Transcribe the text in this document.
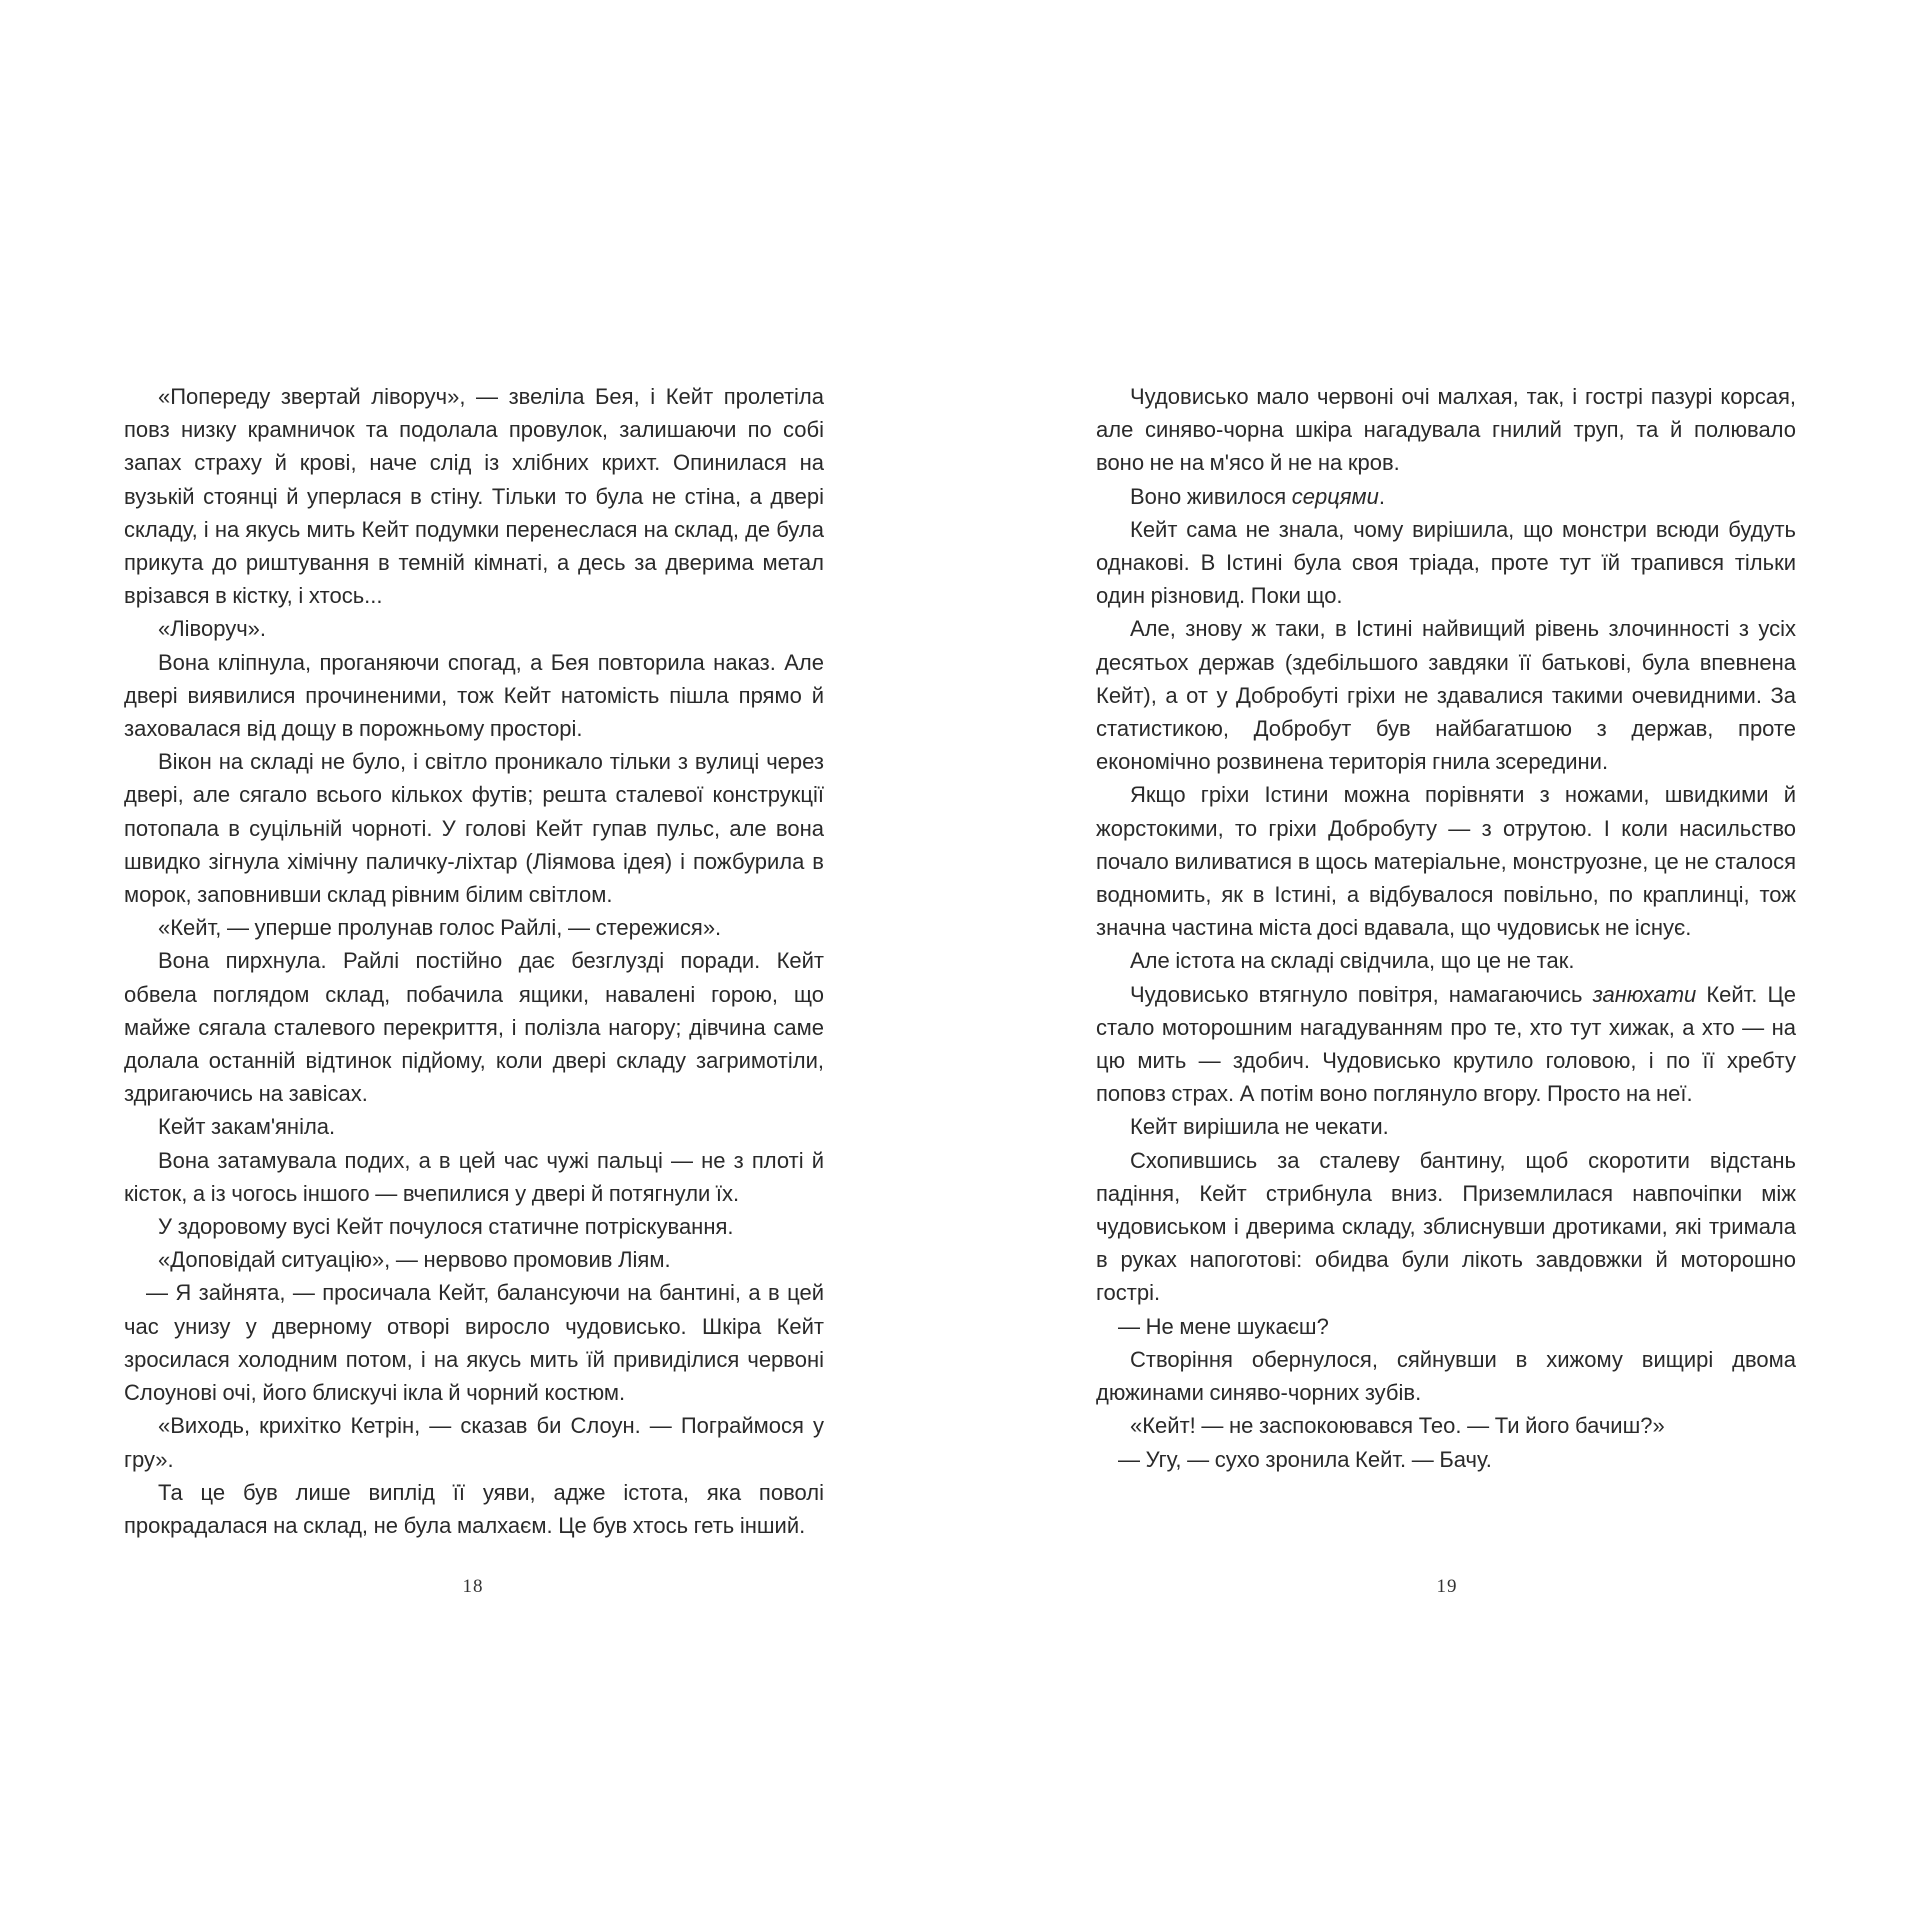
«Попереду звертай ліворуч», — звеліла Бея, і Кейт пролетіла повз низку крамничок та подолала провулок, залишаючи по собі запах страху й крові, наче слід із хлібних крихт. Опинилася на вузькій стоянці й уперлася в стіну. Тільки то була не стіна, а двері складу, і на якусь мить Кейт подумки перенеслася на склад, де була прикута до риштування в темній кімнаті, а десь за дверима метал врізався в кістку, і хтось...

«Ліворуч».

Вона кліпнула, проганяючи спогад, а Бея повторила наказ. Але двері виявилися прочиненими, тож Кейт натомість пішла прямо й заховалася від дощу в порожньому просторі.

Вікон на складі не було, і світло проникало тільки з вулиці через двері, але сягало всього кількох футів; решта сталевої конструкції потопала в суцільній чорноті. У голові Кейт гупав пульс, але вона швидко зігнула хімічну паличку-ліхтар (Ліямова ідея) і пожбурила в морок, заповнивши склад рівним білим світлом.

«Кейт, — уперше пролунав голос Райлі, — стережися».

Вона пирхнула. Райлі постійно дає безглузді поради. Кейт обвела поглядом склад, побачила ящики, навалені горою, що майже сягала сталевого перекриття, і полізла нагору; дівчина саме долала останній відтинок підйому, коли двері складу загримотіли, здригаючись на завісах.

Кейт закам'яніла.

Вона затамувала подих, а в цей час чужі пальці — не з плоті й кісток, а із чогось іншого — вчепилися у двері й потягнули їх.

У здоровому вусі Кейт почулося статичне потріскування.

«Доповідай ситуацію», — нервово промовив Ліям.

— Я зайнята, — просичала Кейт, балансуючи на бантині, а в цей час унизу у дверному отворі виросло чудовисько. Шкіра Кейт зросилася холодним потом, і на якусь мить їй привиділися червоні Слоунові очі, його блискучі ікла й чорний костюм.

«Виходь, крихітко Кетрін, — сказав би Слоун. — Пограймося у гру».

Та це був лише виплід її уяви, адже істота, яка поволі прокрадалася на склад, не була малхаєм. Це був хтось геть інший.

18

Чудовисько мало червоні очі малхая, так, і гострі пазурі корсая, але синяво-чорна шкіра нагадувала гнилий труп, та й полювало воно не на м'ясо й не на кров.

Воно живилося серцями.

Кейт сама не знала, чому вирішила, що монстри всюди будуть однакові. В Істині була своя тріада, проте тут їй трапився тільки один різновид. Поки що.

Але, знову ж таки, в Істині найвищий рівень злочинності з усіх десятьох держав (здебільшого завдяки її батькові, була впевнена Кейт), а от у Добробуті гріхи не здавалися такими очевидними. За статистикою, Добробут був найбагатшою з держав, проте економічно розвинена територія гнила зсередини.

Якщо гріхи Істини можна порівняти з ножами, швидкими й жорстокими, то гріхи Добробуту — з отрутою. І коли насильство почало виливатися в щось матеріальне, монструозне, це не сталося водномить, як в Істині, а відбувалося повільно, по краплинці, тож значна частина міста досі вдавала, що чудовиськ не існує.

Але істота на складі свідчила, що це не так.

Чудовисько втягнуло повітря, намагаючись занюхати Кейт. Це стало моторошним нагадуванням про те, хто тут хижак, а хто — на цю мить — здобич. Чудовисько крутило головою, і по її хребту поповз страх. А потім воно поглянуло вгору. Просто на неї.

Кейт вирішила не чекати.

Схопившись за сталеву бантину, щоб скоротити відстань падіння, Кейт стрибнула вниз. Приземлилася навпочіпки між чудовиськом і дверима складу, зблиснувши дротиками, які тримала в руках напоготові: обидва були лікоть завдовжки й моторошно гострі.

— Не мене шукаєш?

Створіння обернулося, сяйнувши в хижому вищирі двома дюжинами синяво-чорних зубів.

«Кейт! — не заспокоювався Тео. — Ти його бачиш?»

— Угу, — сухо зронила Кейт. — Бачу.

19
